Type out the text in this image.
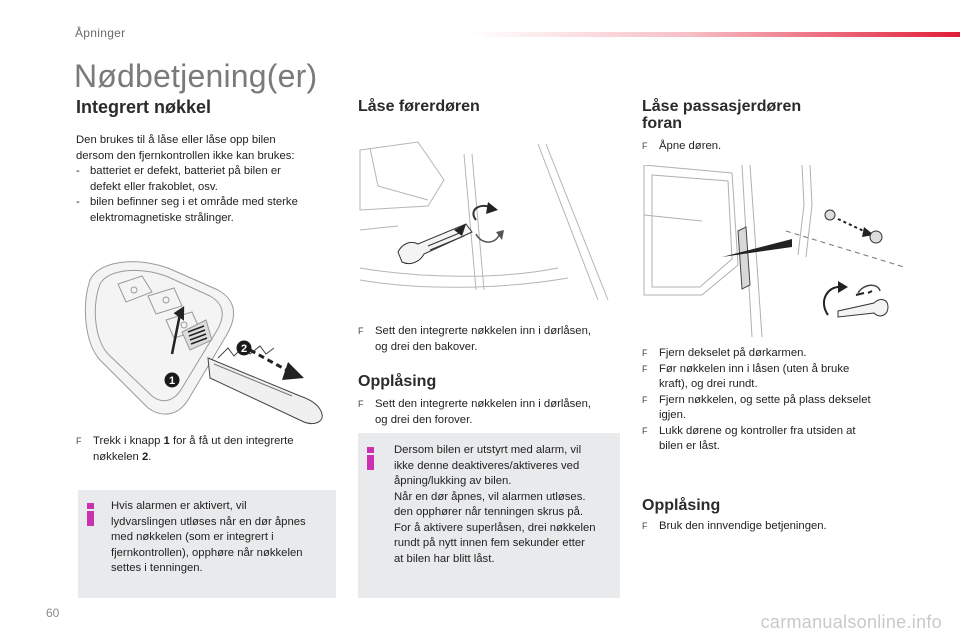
Åpninger
Nødbetjening(er)
Integrert nøkkel
Den brukes til å låse eller låse opp bilen
dersom den fjernkontrollen ikke kan brukes:
- batteriet er defekt, batteriet på bilen er
defekt eller frakoblet, osv.
- bilen befinner seg i et område med sterke
elektromagnetiske strålinger.
1
2
F	Trekk i knapp 1 for å få ut den integrerte
nøkkelen 2.
Hvis alarmen er aktivert, vil
lydvarslingen utløses når en dør åpnes
med nøkkelen (som er integrert i
fjernkontrollen), opphøre når nøkkelen
settes i tenningen.
Låse førerdøren
F	Sett den integrerte nøkkelen inn i dørlåsen,
og drei den bakover.
Opplåsing
F	Sett den integrerte nøkkelen inn i dørlåsen,
og drei den forover.
Dersom bilen er utstyrt med alarm, vil
ikke denne deaktiveres/aktiveres ved
åpning/lukking av bilen.
Når en dør åpnes, vil alarmen utløses.
den opphører når tenningen skrus på.
For å aktivere superlåsen, drei nøkkelen
rundt på nytt innen fem sekunder etter
at bilen har blitt låst.
Låse passasjerdøren
foran
F	Åpne døren.
F	Fjern dekselet på dørkarmen.
F	Før nøkkelen inn i låsen (uten å bruke
kraft), og drei rundt.
F	Fjern nøkkelen, og sette på plass dekselet
igjen.
F	Lukk dørene og kontroller fra utsiden at
bilen er låst.
Opplåsing
F	Bruk den innvendige betjeningen.
60	carmanualsonline.info
